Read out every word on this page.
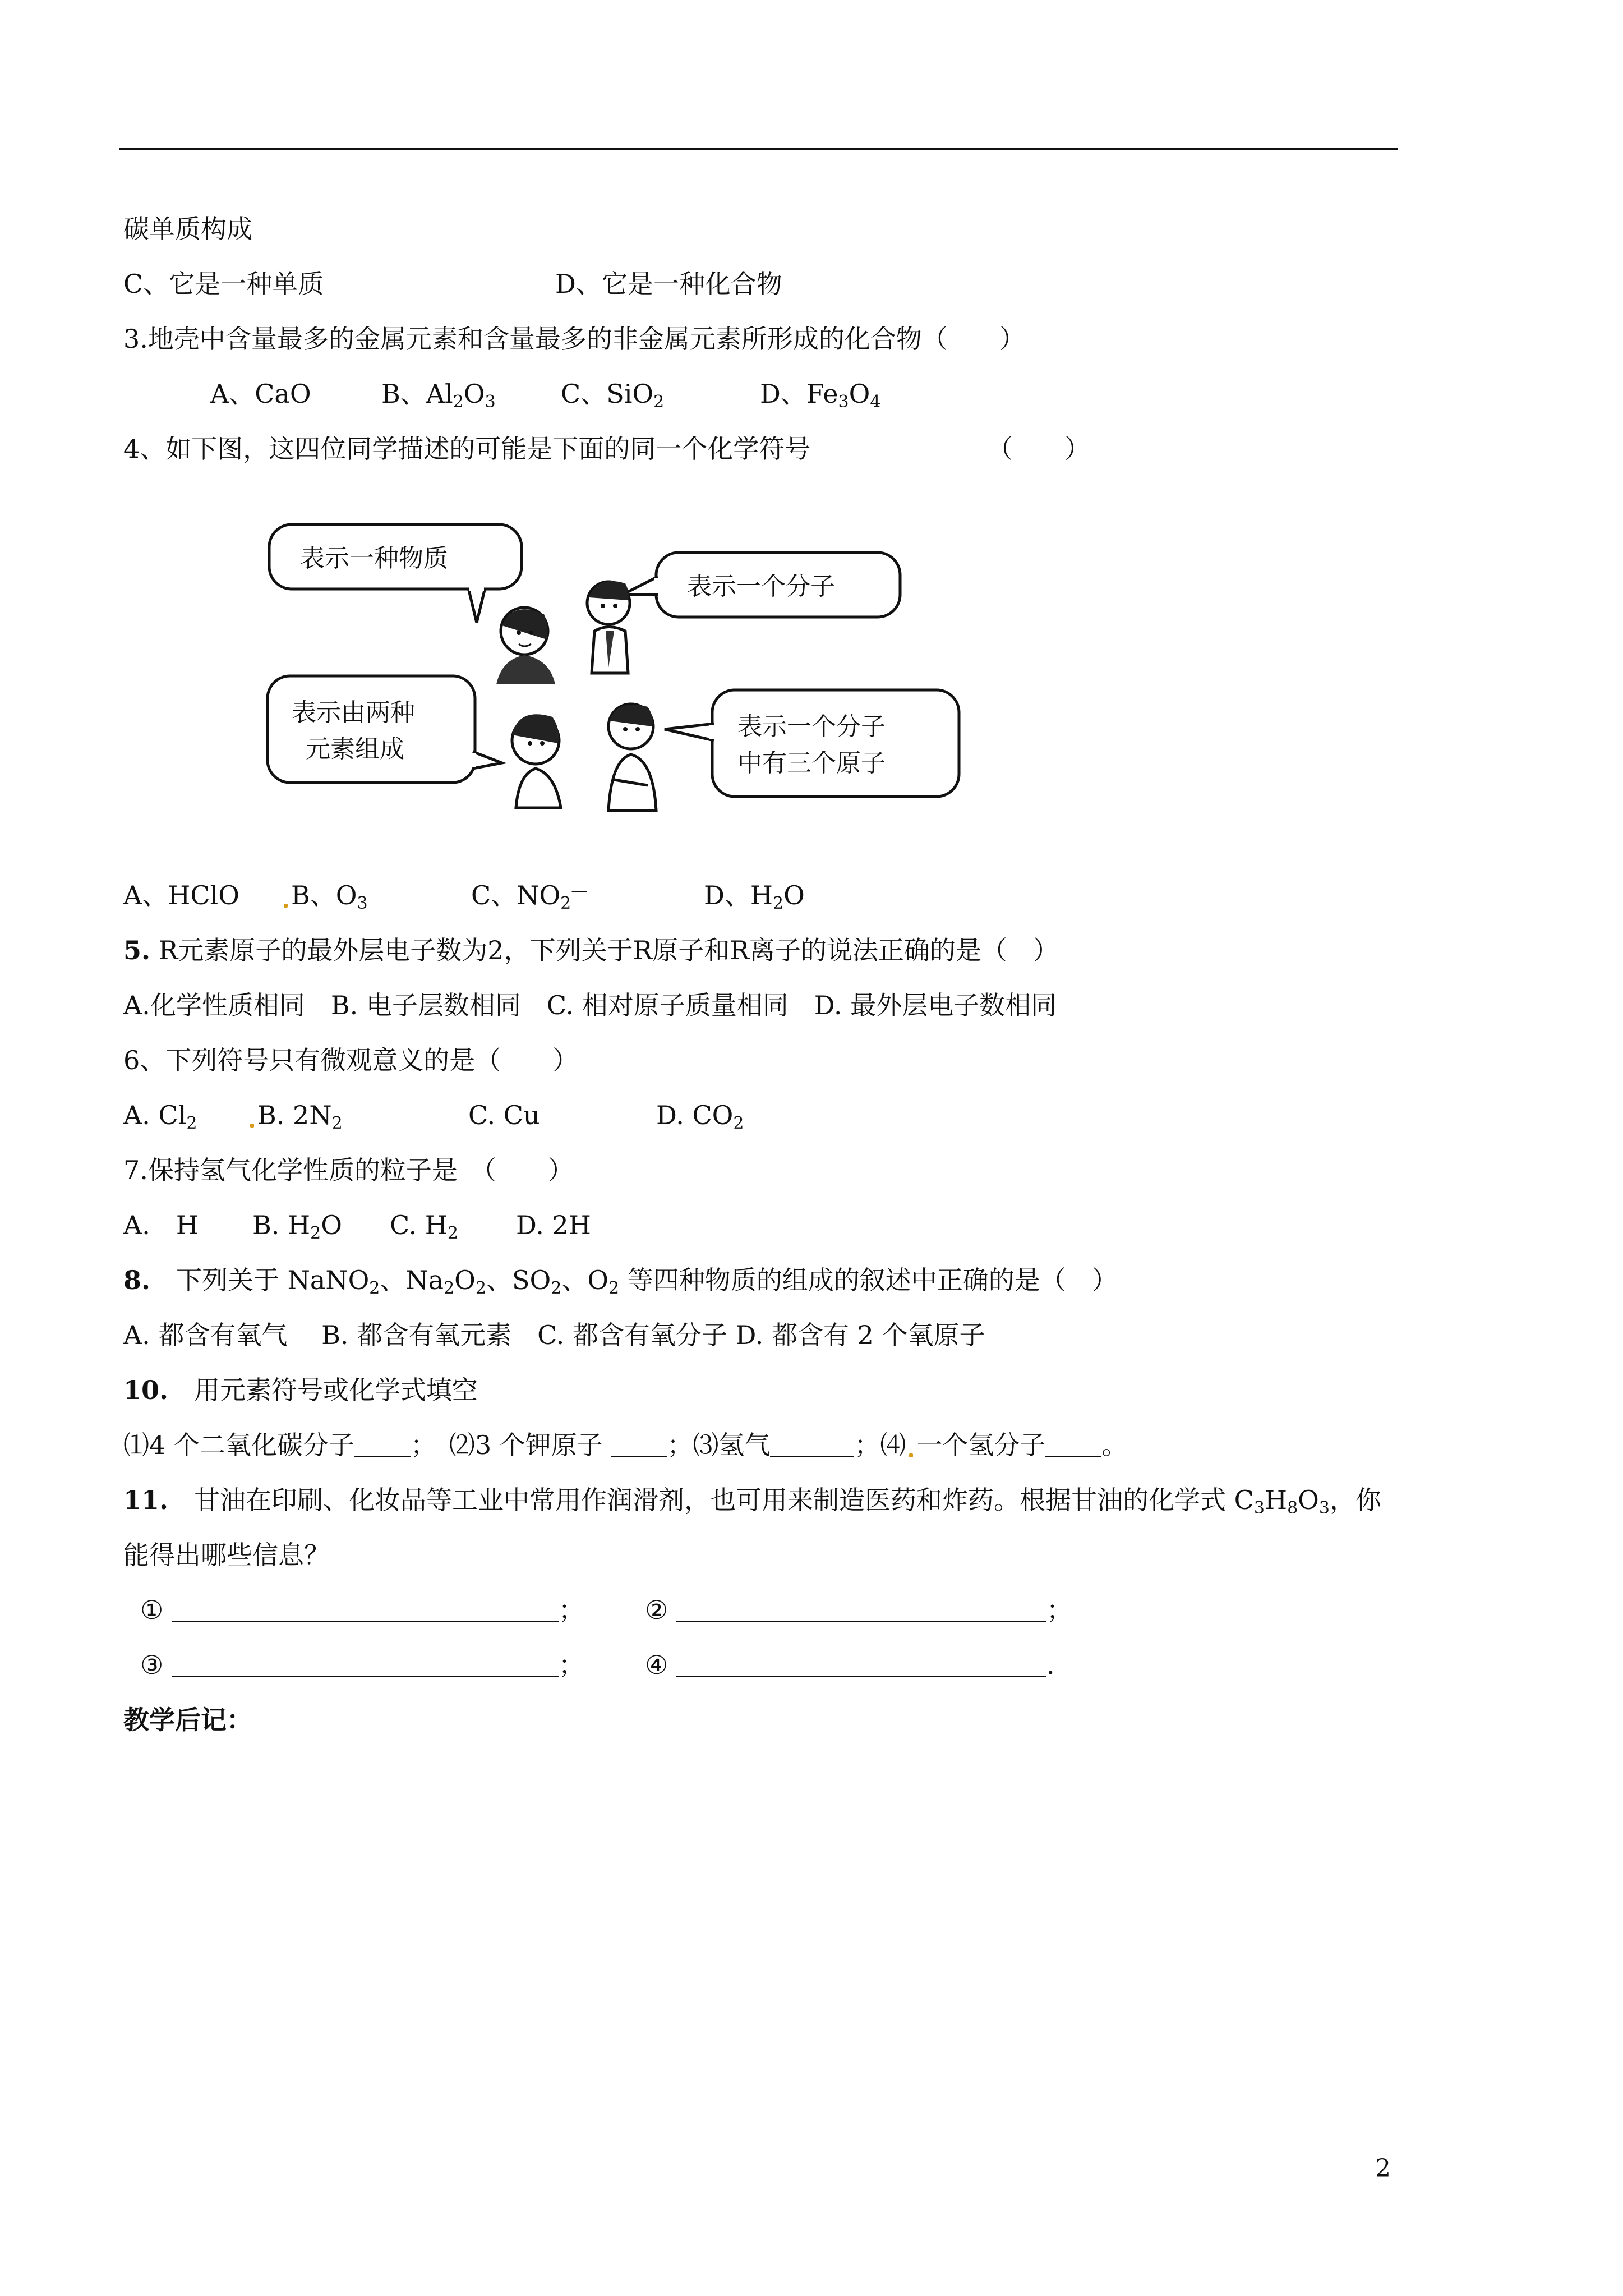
碳单质构成
C、它是一种单质	D、它是一种化合物
3.地壳中含量最多的金属元素和含量最多的非金属元素所形成的化合物（　　）
A、CaO	B、$Al_2O_3$	C、SiO$_2$	D、$Fe_3O_4$
4、如下图，这四位同学描述的可能是下面的同一个化学符号	（　　）
表示一种物质
表示一个分子
表示由两种
元素组成
表示一个分子
中有三个原子
A、HClO	B、$O_3$	C、$NO_2^—$	D、$H_2O$
5. R元素原子的最外层电子数为2，下列关于R原子和R离子的说法正确的是（　）
A.化学性质相同　B. 电子层数相同　C. 相对原子质量相同　D. 最外层电子数相同
6、下列符号只有微观意义的是（　　）
A. $Cl_2$	B. $2N_2$	C. Cu	D. $CO_2$
7.保持氢气化学性质的粒子是　（　　）
A.　H B. $H_2O$ C. $H_2$ D. 2H
8.　下列关于 NaNO$_2$、$Na_2O_2$、$SO_2$、$O_2$ 等四种物质的组成的叙述中正确的是（　）
A. 都含有氧气　 B. 都含有氧元素　C. 都含有氧分子 D. 都含有 2 个氧原子
10.　用元素符号或化学式填空
⑴4 个二氧化碳分子 ；　⑵3 个钾原子 ；⑶氢气	；⑷ 一个氢分子 。
11.　甘油在印刷、化妆品等工业中常用作润滑剂，也可用来制造医药和炸药。根据甘油的化学式 $C_3H_8O_3$，你
能得出哪些信息？
①	； ②	；
③	； ④	.
教学后记：
2
